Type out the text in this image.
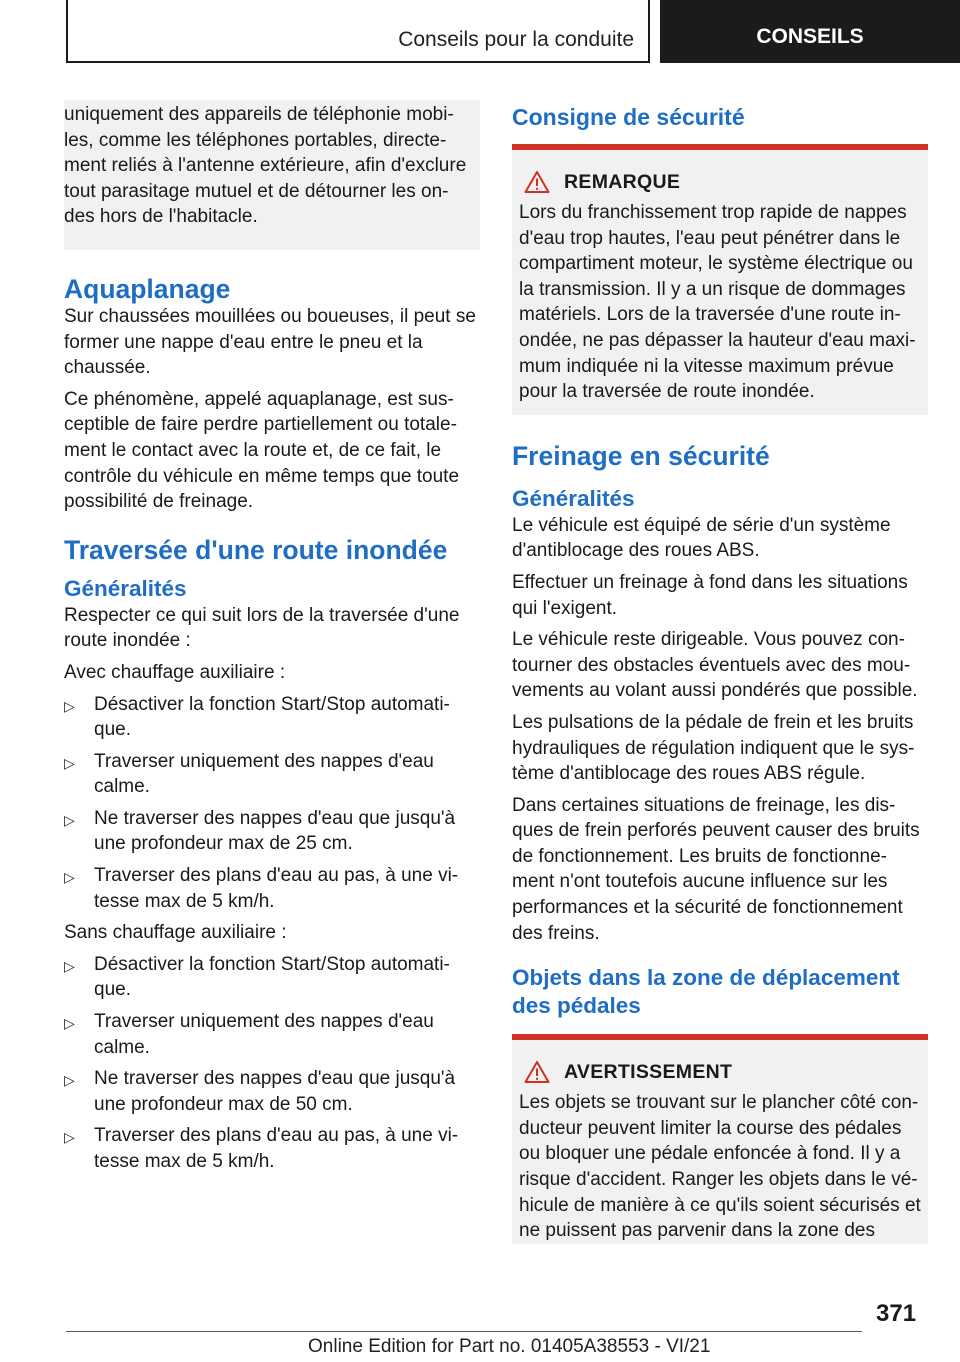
Conseils pour la conduite	CONSEILS

uniquement des appareils de téléphonie mobi-les, comme les téléphones portables, directe-ment reliés à l'antenne extérieure, afin d'exclure tout parasitage mutuel et de détourner les on-des hors de l'habitacle.

Aquaplanage

Sur chaussées mouillées ou boueuses, il peut se former une nappe d'eau entre le pneu et la chaussée.

Ce phénomène, appelé aquaplanage, est sus-ceptible de faire perdre partiellement ou totale-ment le contact avec la route et, de ce fait, le contrôle du véhicule en même temps que toute possibilité de freinage.

Traversée d'une route inondée
Généralités

Respecter ce qui suit lors de la traversée d'une route inondée :

Avec chauffage auxiliaire :

▷	Désactiver la fonction Start/Stop automati-que.
▷	Traverser uniquement des nappes d'eau calme.
▷	Ne traverser des nappes d'eau que jusqu'à une profondeur max de 25 cm.
▷	Traverser des plans d'eau au pas, à une vi-tesse max de 5 km/h.

Sans chauffage auxiliaire :

▷	Désactiver la fonction Start/Stop automati-que.
▷	Traverser uniquement des nappes d'eau calme.
▷	Ne traverser des nappes d'eau que jusqu'à une profondeur max de 50 cm.
▷	Traverser des plans d'eau au pas, à une vi-tesse max de 5 km/h.
Consigne de sécurité
REMARQUE

Lors du franchissement trop rapide de nappes d'eau trop hautes, l'eau peut pénétrer dans le compartiment moteur, le système électrique ou la transmission. Il y a un risque de dommages matériels. Lors de la traversée d'une route in-ondée, ne pas dépasser la hauteur d'eau maxi-mum indiquée ni la vitesse maximum prévue pour la traversée de route inondée.

Freinage en sécurité
Généralités

Le véhicule est équipé de série d'un système d'antiblocage des roues ABS.

Effectuer un freinage à fond dans les situations qui l'exigent.

Le véhicule reste dirigeable. Vous pouvez con-tourner des obstacles éventuels avec des mou-vements au volant aussi pondérés que possible.

Les pulsations de la pédale de frein et les bruits hydrauliques de régulation indiquent que le sys-tème d'antiblocage des roues ABS régule.

Dans certaines situations de freinage, les dis-ques de frein perforés peuvent causer des bruits de fonctionnement. Les bruits de fonctionne-ment n'ont toutefois aucune influence sur les performances et la sécurité de fonctionnement des freins.

Objets dans la zone de déplacement des pédales
AVERTISSEMENT

Les objets se trouvant sur le plancher côté con-ducteur peuvent limiter la course des pédales ou bloquer une pédale enfoncée à fond. Il y a risque d'accident. Ranger les objets dans le vé-hicule de manière à ce qu'ils soient sécurisés et ne puissent pas parvenir dans la zone des

371
Online Edition for Part no. 01405A38553 - VI/21
